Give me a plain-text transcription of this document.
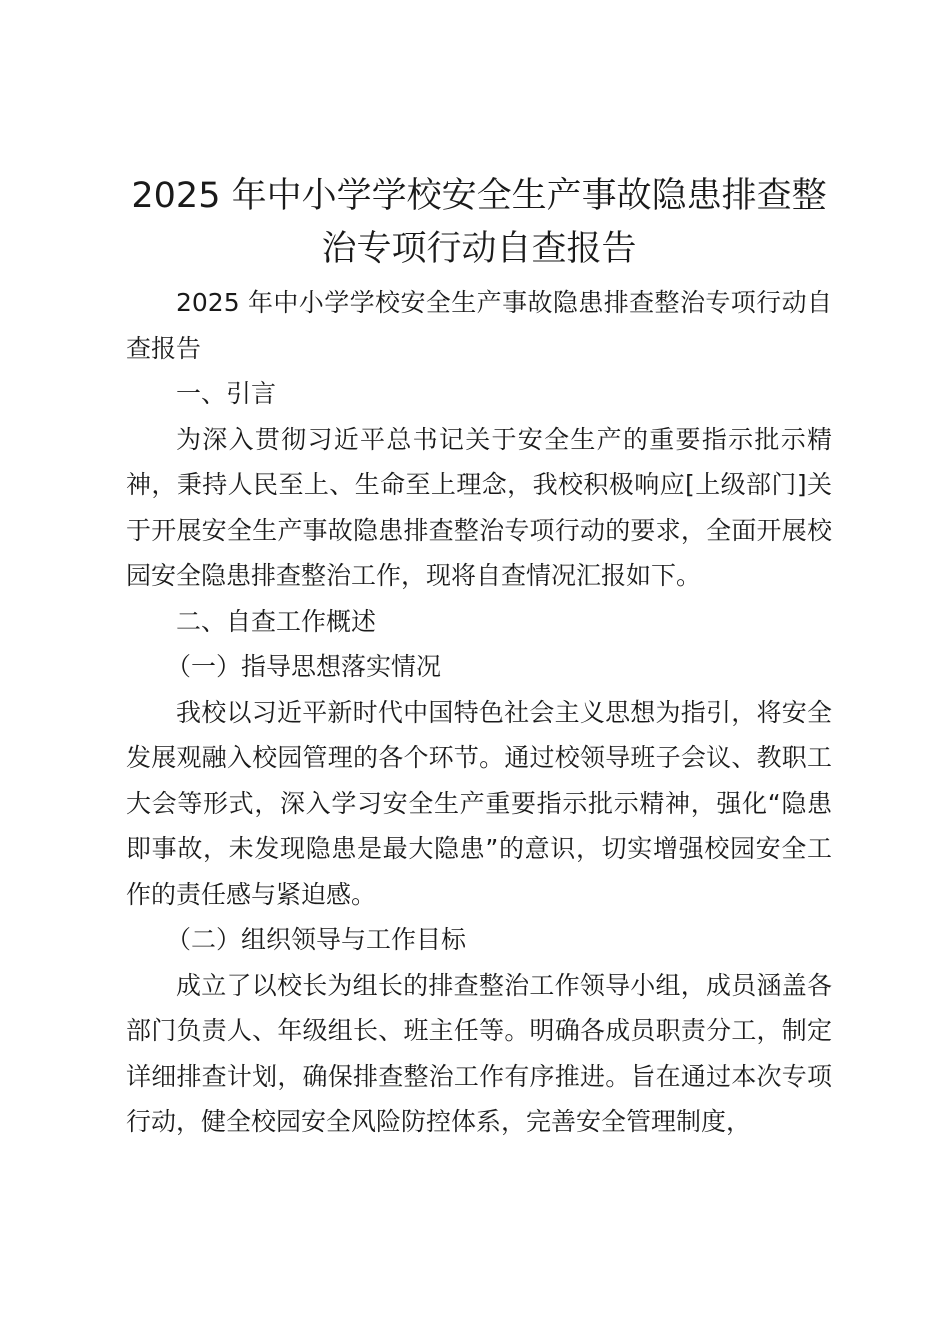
2025 年中小学学校安全生产事故隐患排查整治专项行动自查报告

2025 年中小学学校安全生产事故隐患排查整治专项行动自查报告

一、引言

为深入贯彻习近平总书记关于安全生产的重要指示批示精神，秉持人民至上、生命至上理念，我校积极响应[上级部门]关于开展安全生产事故隐患排查整治专项行动的要求，全面开展校园安全隐患排查整治工作，现将自查情况汇报如下。

二、自查工作概述

（一）指导思想落实情况

我校以习近平新时代中国特色社会主义思想为指引，将安全发展观融入校园管理的各个环节。通过校领导班子会议、教职工大会等形式，深入学习安全生产重要指示批示精神，强化“隐患即事故，未发现隐患是最大隐患”的意识，切实增强校园安全工作的责任感与紧迫感。

（二）组织领导与工作目标

成立了以校长为组长的排查整治工作领导小组，成员涵盖各部门负责人、年级组长、班主任等。明确各成员职责分工，制定详细排查计划，确保排查整治工作有序推进。旨在通过本次专项行动，健全校园安全风险防控体系，完善安全管理制度，
